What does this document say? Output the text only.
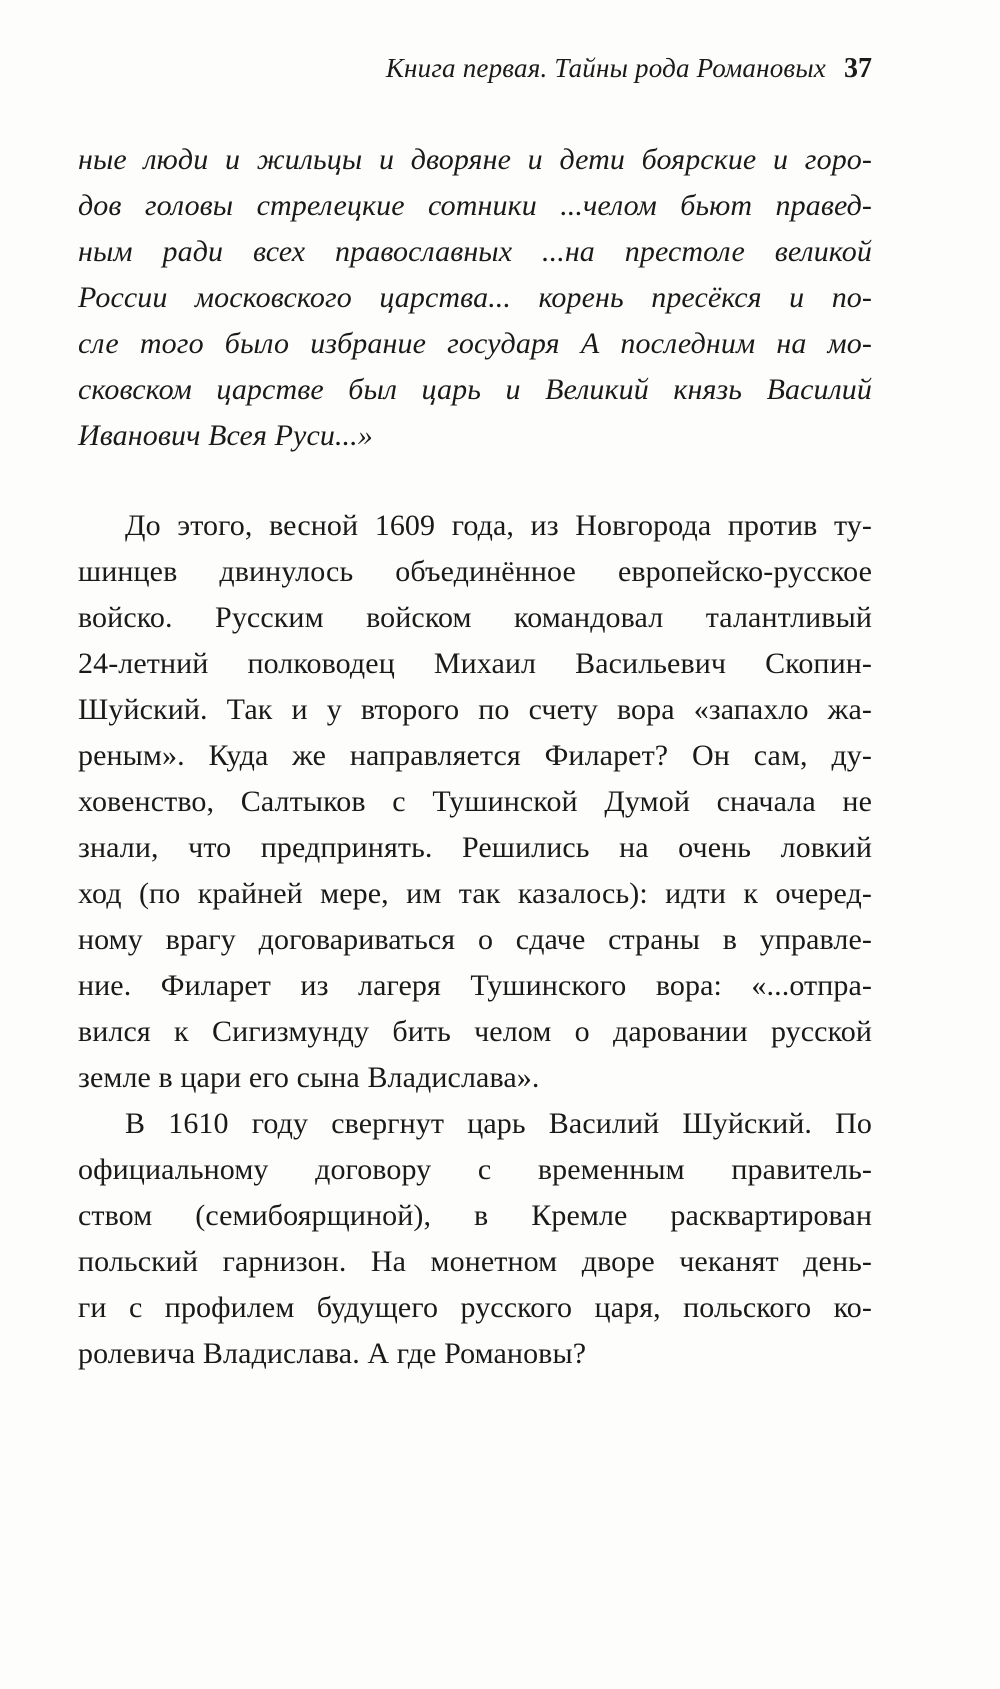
Книга первая. Тайны рода Романовых 37
ные люди и жильцы и дворяне и дети боярские и горо-
дов головы стрелецкие сотники ...челом бьют правед-
ным ради всех православных ...на престоле великой
России московского царства... корень пресёкся и по-
сле того было избрание государя А последним на мо-
сковском царстве был царь и Великий князь Василий
Иванович Всея Руси...»
До этого, весной 1609 года, из Новгорода против ту-
шинцев двинулось объединённое европейско-русское
войско. Русским войском командовал талантливый
24-летний полководец Михаил Васильевич Скопин-
Шуйский. Так и у второго по счету вора «запахло жа-
реным». Куда же направляется Филарет? Он сам, ду-
ховенство, Салтыков с Тушинской Думой сначала не
знали, что предпринять. Решились на очень ловкий
ход (по крайней мере, им так казалось): идти к очеред-
ному врагу договариваться о сдаче страны в управле-
ние. Филарет из лагеря Тушинского вора: «...отпра-
вился к Сигизмунду бить челом о даровании русской
земле в цари его сына Владислава».
В 1610 году свергнут царь Василий Шуйский. По
официальному договору с временным правитель-
ством (семибоярщиной), в Кремле расквартирован
польский гарнизон. На монетном дворе чеканят день-
ги с профилем будущего русского царя, польского ко-
ролевича Владислава. А где Романовы?
